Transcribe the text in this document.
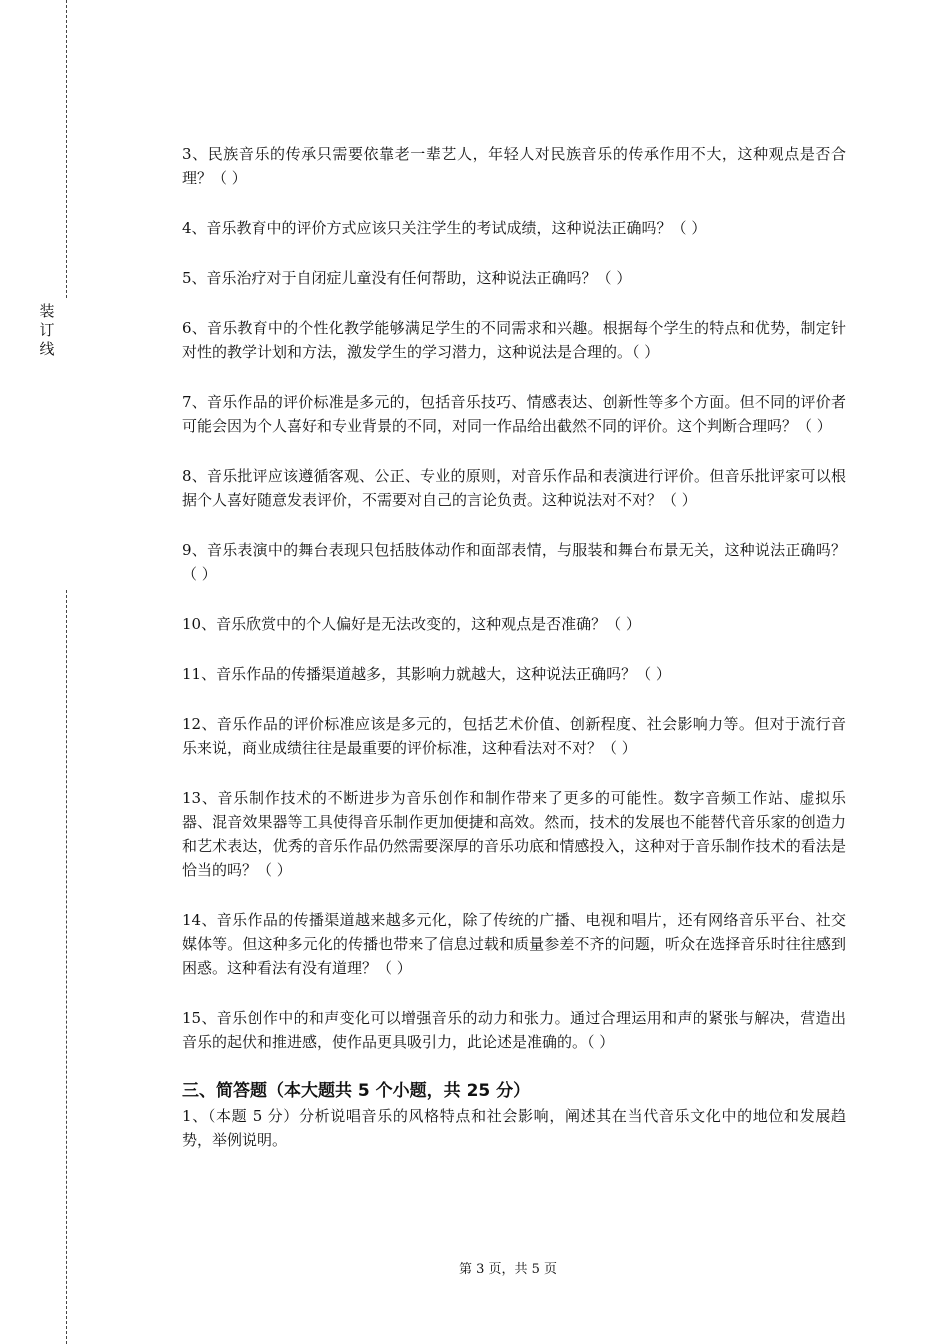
装
订
线

3、民族音乐的传承只需要依靠老一辈艺人，年轻人对民族音乐的传承作用不大，这种观点是否合理？（ ）

4、音乐教育中的评价方式应该只关注学生的考试成绩，这种说法正确吗？（ ）

5、音乐治疗对于自闭症儿童没有任何帮助，这种说法正确吗？（ ）

6、音乐教育中的个性化教学能够满足学生的不同需求和兴趣。根据每个学生的特点和优势，制定针对性的教学计划和方法，激发学生的学习潜力，这种说法是合理的。（ ）

7、音乐作品的评价标准是多元的，包括音乐技巧、情感表达、创新性等多个方面。但不同的评价者可能会因为个人喜好和专业背景的不同，对同一作品给出截然不同的评价。这个判断合理吗？（ ）

8、音乐批评应该遵循客观、公正、专业的原则，对音乐作品和表演进行评价。但音乐批评家可以根据个人喜好随意发表评价，不需要对自己的言论负责。这种说法对不对？（ ）

9、音乐表演中的舞台表现只包括肢体动作和面部表情，与服装和舞台布景无关，这种说法正确吗？（ ）

10、音乐欣赏中的个人偏好是无法改变的，这种观点是否准确？（ ）

11、音乐作品的传播渠道越多，其影响力就越大，这种说法正确吗？（ ）

12、音乐作品的评价标准应该是多元的，包括艺术价值、创新程度、社会影响力等。但对于流行音乐来说，商业成绩往往是最重要的评价标准，这种看法对不对？（ ）

13、音乐制作技术的不断进步为音乐创作和制作带来了更多的可能性。数字音频工作站、虚拟乐器、混音效果器等工具使得音乐制作更加便捷和高效。然而，技术的发展也不能替代音乐家的创造力和艺术表达，优秀的音乐作品仍然需要深厚的音乐功底和情感投入，这种对于音乐制作技术的看法是恰当的吗？（ ）

14、音乐作品的传播渠道越来越多元化，除了传统的广播、电视和唱片，还有网络音乐平台、社交媒体等。但这种多元化的传播也带来了信息过载和质量参差不齐的问题，听众在选择音乐时往往感到困惑。这种看法有没有道理？（ ）

15、音乐创作中的和声变化可以增强音乐的动力和张力。通过合理运用和声的紧张与解决，营造出音乐的起伏和推进感，使作品更具吸引力，此论述是准确的。（ ）

三、简答题（本大题共 5 个小题，共 25 分）

1、（本题 5 分）分析说唱音乐的风格特点和社会影响，阐述其在当代音乐文化中的地位和发展趋势，举例说明。

第 3 页，共 5 页
